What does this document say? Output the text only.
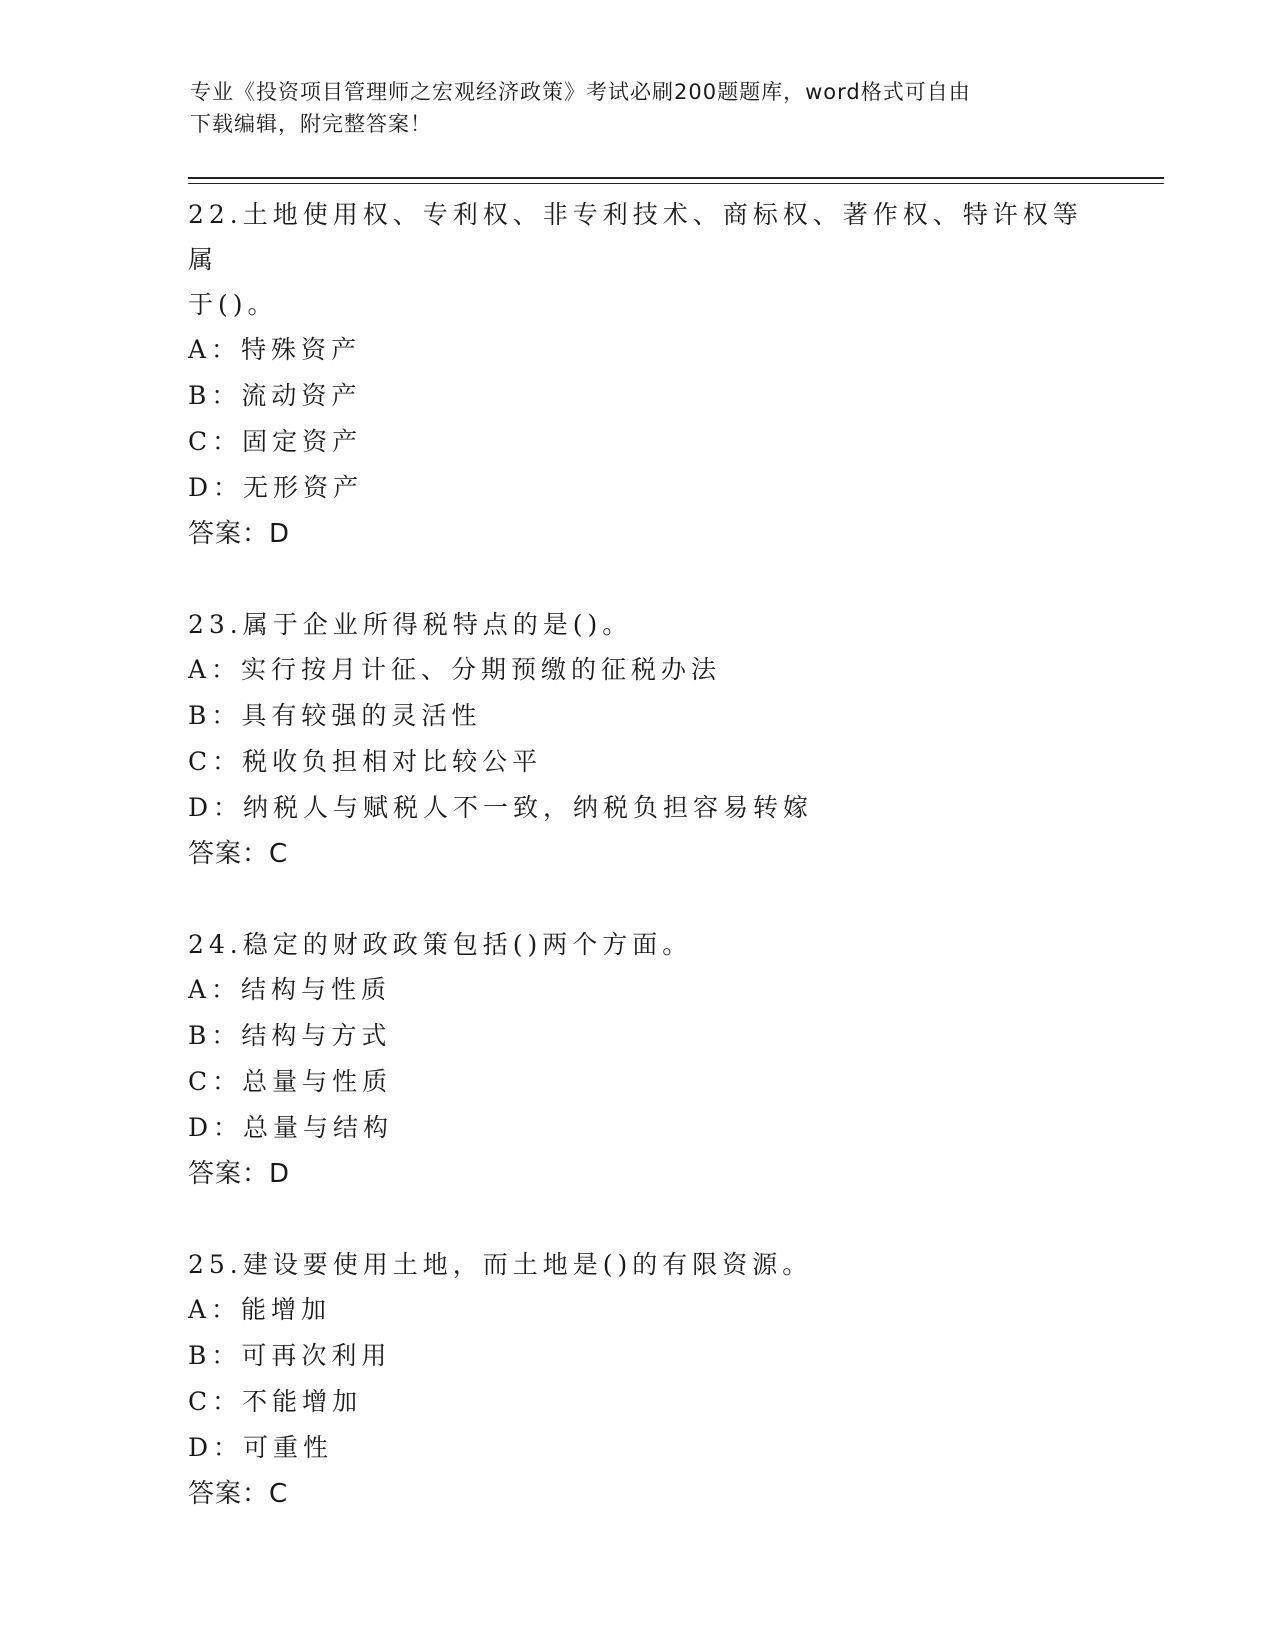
专业《投资项目管理师之宏观经济政策》考试必刷200题题库，word格式可自由
下载编辑，附完整答案！

22.土地使用权、专利权、非专利技术、商标权、著作权、特许权等属

于()。

A：特殊资产

B：流动资产

C：固定资产

D：无形资产

答案：D

23.属于企业所得税特点的是()。

A：实行按月计征、分期预缴的征税办法

B：具有较强的灵活性

C：税收负担相对比较公平

D：纳税人与赋税人不一致，纳税负担容易转嫁

答案：C

24.稳定的财政政策包括()两个方面。

A：结构与性质

B：结构与方式

C：总量与性质

D：总量与结构

答案：D

25.建设要使用土地，而土地是()的有限资源。

A：能增加

B：可再次利用

C：不能增加

D：可重性

答案：C
